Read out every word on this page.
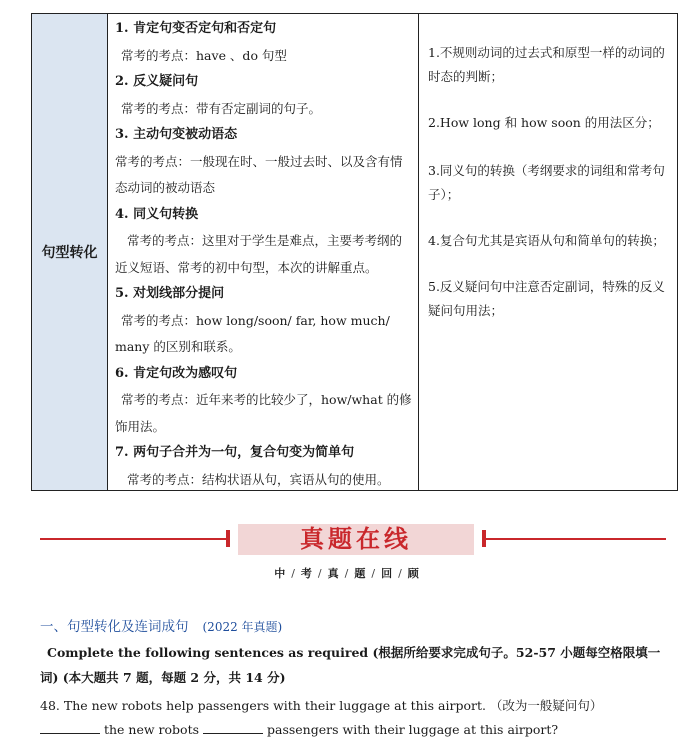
句型转化
1. 肯定句变否定句和否定句
常考的考点：have 、do 句型
2. 反义疑问句
常考的考点：带有否定副词的句子。
3. 主动句变被动语态
常考的考点：一般现在时、一般过去时、以及含有情态动词的被动语态
4. 同义句转换
常考的考点：这里对于学生是难点，主要考考纲的近义短语、常考的初中句型，本次的讲解重点。
5. 对划线部分提问
常考的考点：how long/soon/ far, how much/ many 的区别和联系。
6. 肯定句改为感叹句
常考的考点：近年来考的比较少了，how/what 的修饰用法。
7. 两句子合并为一句，复合句变为简单句
常考的考点：结构状语从句，宾语从句的使用。
1.不规则动词的过去式和原型一样的动词的时态的判断；
2.How long 和 how soon 的用法区分；
3.同义句的转换（考纲要求的词组和常考句子）；
4.复合句尤其是宾语从句和简单句的转换；
5.反义疑问句中注意否定副词，特殊的反义疑问句用法；
真题在线
中 / 考 / 真 / 题 / 回 / 顾
一、句型转化及连词成句 (2022 年真题)
Complete the following sentences as required (根据所给要求完成句子。52-57 小题每空格限填一词) (本大题共 7 题，每题 2 分，共 14 分)
48. The new robots help passengers with their luggage at this airport. （改为一般疑问句）
the new robots	passengers with their luggage at this airport?
